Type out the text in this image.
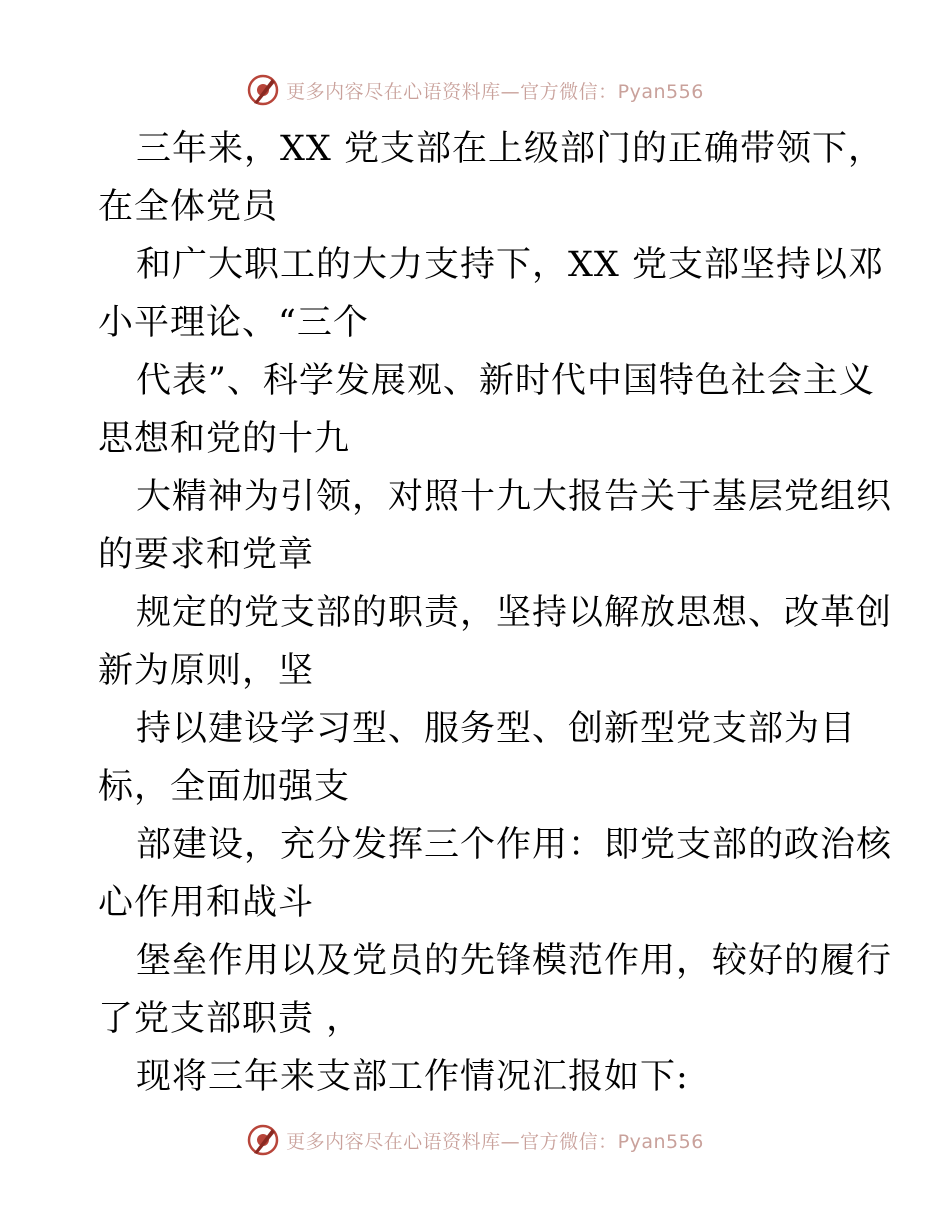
更多内容尽在心语资料库—官方微信：Pyan556
三年来，XX 党支部在上级部门的正确带领下，
在全体党员
和广大职工的大力支持下，XX 党支部坚持以邓
小平理论、“三个
代表”、科学发展观、新时代中国特色社会主义
思想和党的十九
大精神为引领，对照十九大报告关于基层党组织
的要求和党章
规定的党支部的职责，坚持以解放思想、改革创
新为原则，坚
持以建设学习型、服务型、创新型党支部为目
标，全面加强支
部建设，充分发挥三个作用：即党支部的政治核
心作用和战斗
堡垒作用以及党员的先锋模范作用，较好的履行
了党支部职责 ，
现将三年来支部工作情况汇报如下:
更多内容尽在心语资料库—官方微信：Pyan556
